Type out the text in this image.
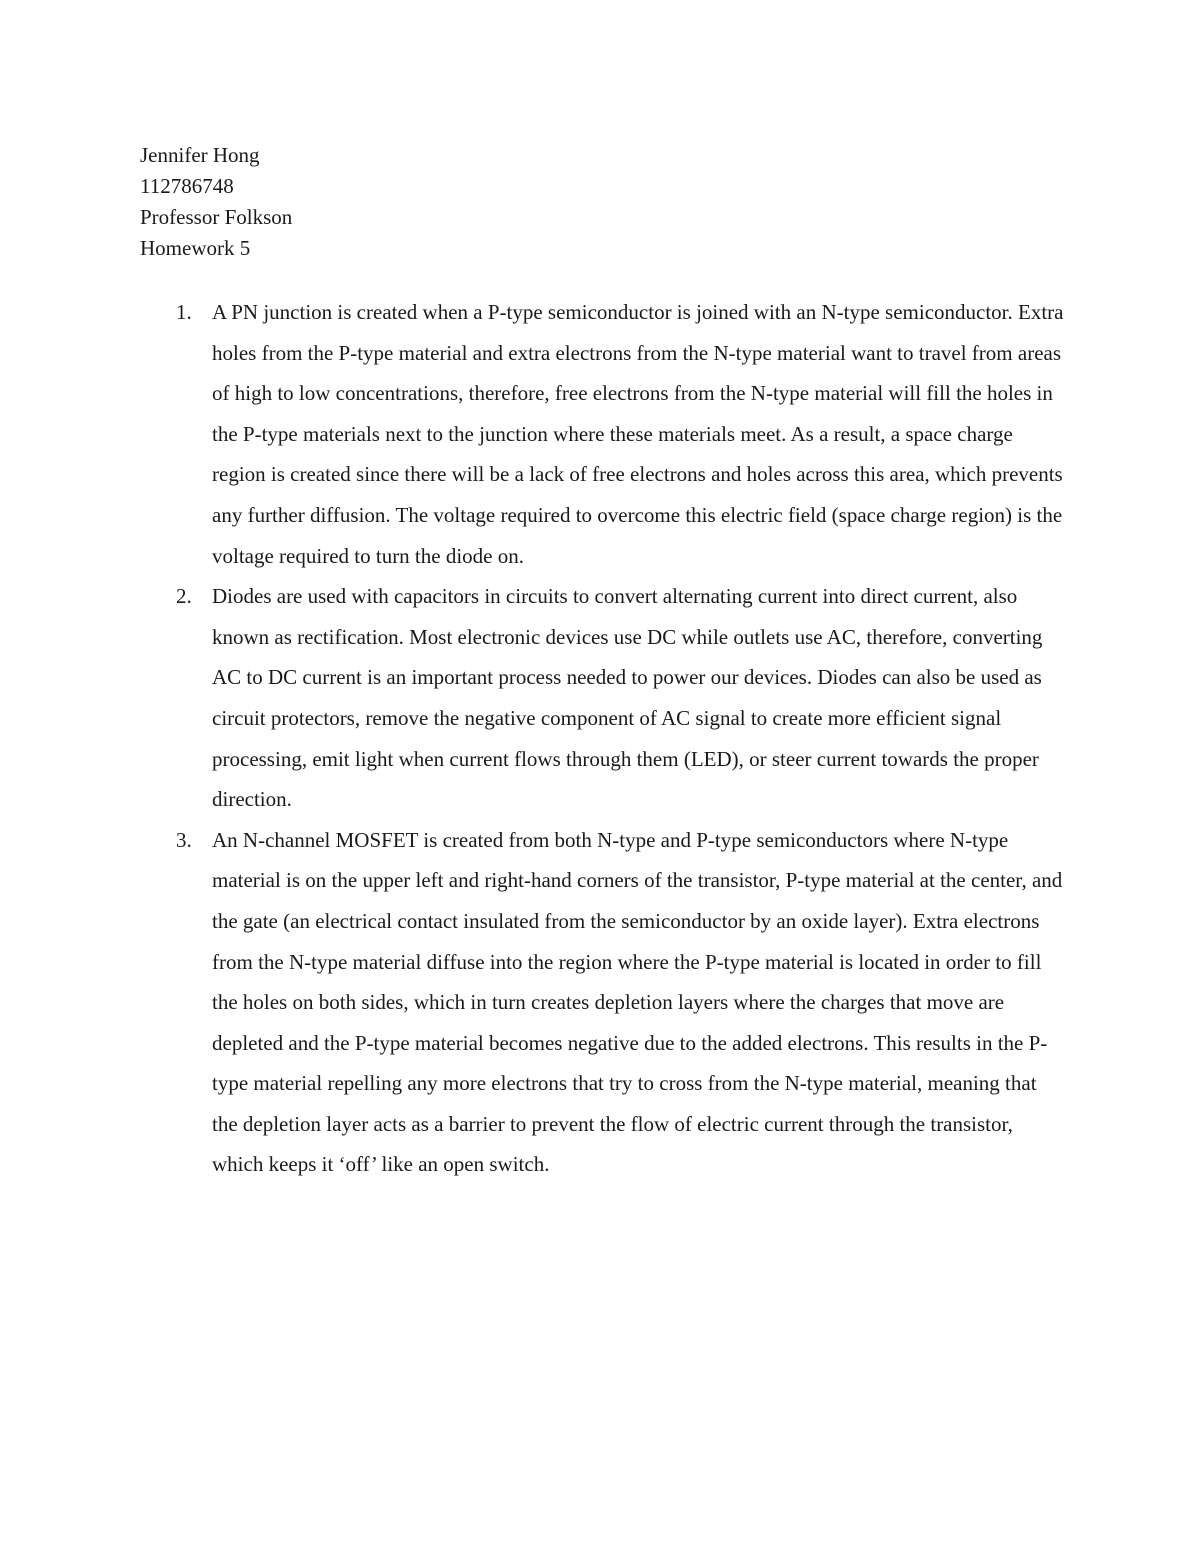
Jennifer Hong
112786748
Professor Folkson
Homework 5
1. A PN junction is created when a P-type semiconductor is joined with an N-type semiconductor. Extra holes from the P-type material and extra electrons from the N-type material want to travel from areas of high to low concentrations, therefore, free electrons from the N-type material will fill the holes in the P-type materials next to the junction where these materials meet. As a result, a space charge region is created since there will be a lack of free electrons and holes across this area, which prevents any further diffusion. The voltage required to overcome this electric field (space charge region) is the voltage required to turn the diode on.
2. Diodes are used with capacitors in circuits to convert alternating current into direct current, also known as rectification. Most electronic devices use DC while outlets use AC, therefore, converting AC to DC current is an important process needed to power our devices. Diodes can also be used as circuit protectors, remove the negative component of AC signal to create more efficient signal processing, emit light when current flows through them (LED), or steer current towards the proper direction.
3. An N-channel MOSFET is created from both N-type and P-type semiconductors where N-type material is on the upper left and right-hand corners of the transistor, P-type material at the center, and the gate (an electrical contact insulated from the semiconductor by an oxide layer). Extra electrons from the N-type material diffuse into the region where the P-type material is located in order to fill the holes on both sides, which in turn creates depletion layers where the charges that move are depleted and the P-type material becomes negative due to the added electrons. This results in the P-type material repelling any more electrons that try to cross from the N-type material, meaning that the depletion layer acts as a barrier to prevent the flow of electric current through the transistor, which keeps it ‘off’ like an open switch.
